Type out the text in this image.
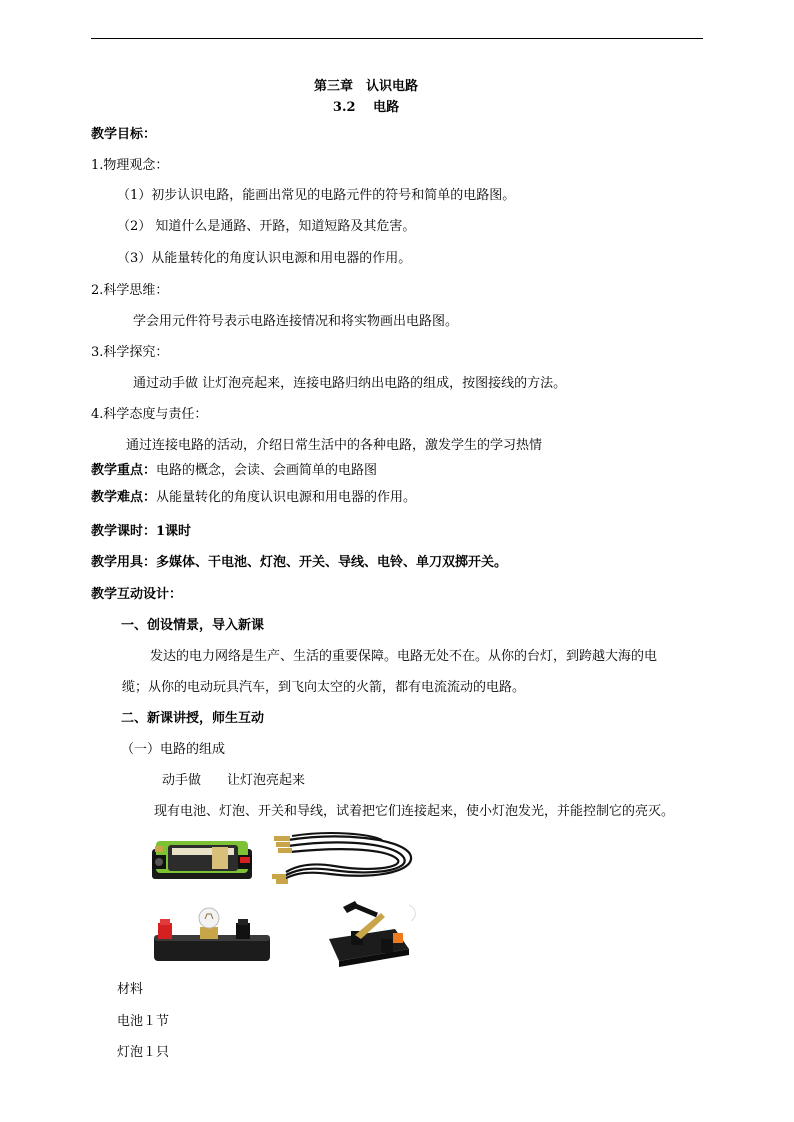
第三章　认识电路
3.2　 电路
教学目标：
1.物理观念：
（1）初步认识电路，能画出常见的电路元件的符号和简单的电路图。
（2） 知道什么是通路、开路，知道短路及其危害。
（3）从能量转化的角度认识电源和用电器的作用。
2.科学思维：
学会用元件符号表示电路连接情况和将实物画出电路图。
3.科学探究：
通过动手做 让灯泡亮起来，连接电路归纳出电路的组成，按图接线的方法。
4.科学态度与责任：
通过连接电路的活动，介绍日常生活中的各种电路，激发学生的学习热情
教学重点：电路的概念，会读、会画简单的电路图
教学难点：从能量转化的角度认识电源和用电器的作用。
教学课时：1课时
教学用具：多媒体、干电池、灯泡、开关、导线、电铃、单刀双掷开关。
教学互动设计：
一、创设情景，导入新课
发达的电力网络是生产、生活的重要保障。电路无处不在。从你的台灯，到跨越大海的电
缆；从你的电动玩具汽车，到飞向太空的火箭，都有电流流动的电路。
二、新课讲授，师生互动
（一）电路的组成
动手做　　让灯泡亮起来
现有电池、灯泡、开关和导线，试着把它们连接起来，使小灯泡发光，并能控制它的亮灭。
材料
电池１节
灯泡１只
